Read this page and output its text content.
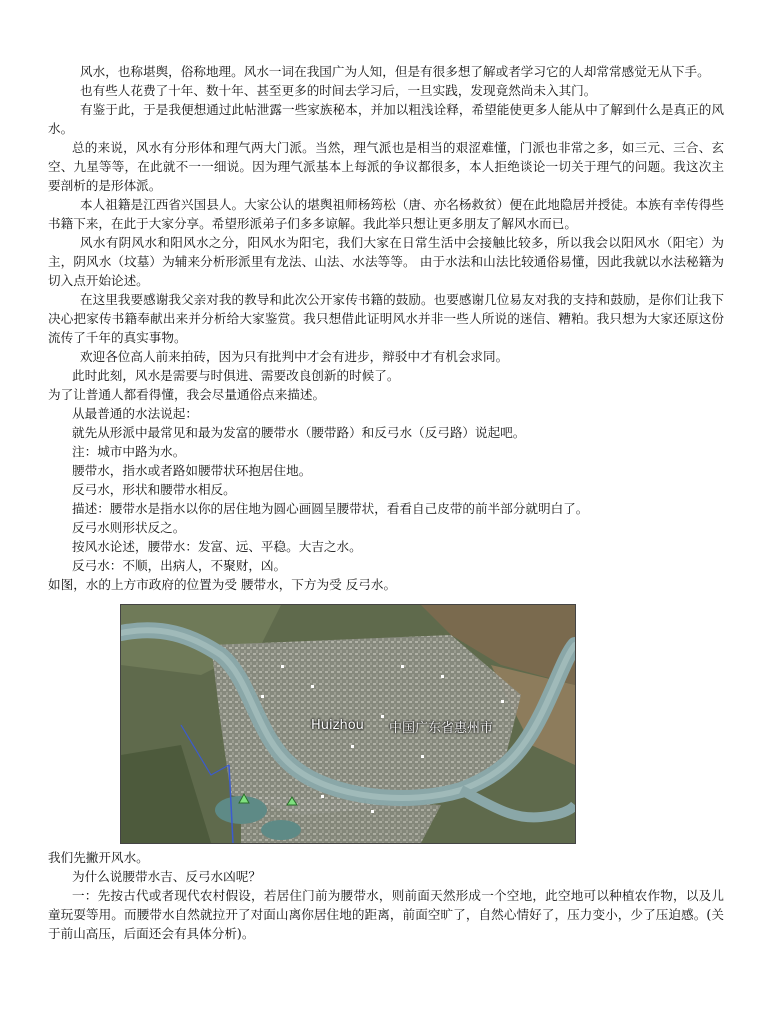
风水，也称堪舆，俗称地理。风水一词在我国广为人知，但是有很多想了解或者学习它的人却常常感觉无从下手。

也有些人花费了十年、数十年、甚至更多的时间去学习后，一旦实践，发现竟然尚未入其门。

有鉴于此，于是我便想通过此帖泄露一些家族秘本，并加以粗浅诠释，希望能使更多人能从中了解到什么是真正的风水。

总的来说，风水有分形体和理气两大门派。当然，理气派也是相当的艰涩难懂，门派也非常之多，如三元、三合、玄空、九星等等，在此就不一一细说。因为理气派基本上每派的争议都很多，本人拒绝谈论一切关于理气的问题。我这次主要剖析的是形体派。

本人祖籍是江西省兴国县人。大家公认的堪舆祖师杨筠松（唐、亦名杨救贫）便在此地隐居并授徒。本族有幸传得些书籍下来，在此于大家分享。希望形派弟子们多多谅解。我此举只想让更多朋友了解风水而已。

风水有阴风水和阳风水之分，阳风水为阳宅，我们大家在日常生活中会接触比较多，所以我会以阳风水（阳宅）为主，阴风水（坟墓）为辅来分析形派里有龙法、山法、水法等等。 由于水法和山法比较通俗易懂，因此我就以水法秘籍为切入点开始论述。

在这里我要感谢我父亲对我的教导和此次公开家传书籍的鼓励。也要感谢几位易友对我的支持和鼓励，是你们让我下决心把家传书籍奉献出来并分析给大家鉴赏。我只想借此证明风水并非一些人所说的迷信、糟粕。我只想为大家还原这份流传了千年的真实事物。

欢迎各位高人前来拍砖，因为只有批判中才会有进步，辩驳中才有机会求同。

此时此刻，风水是需要与时俱进、需要改良创新的时候了。

为了让普通人都看得懂，我会尽量通俗点来描述。

从最普通的水法说起：

就先从形派中最常见和最为发富的腰带水（腰带路）和反弓水（反弓路）说起吧。

注：城市中路为水。

腰带水，指水或者路如腰带状环抱居住地。

反弓水，形状和腰带水相反。

描述：腰带水是指水以你的居住地为圆心画圆呈腰带状，看看自己皮带的前半部分就明白了。

反弓水则形状反之。

按风水论述，腰带水：发富、远、平稳。大吉之水。

反弓水：不顺，出病人，不聚财，凶。

如图，水的上方市政府的位置为受 腰带水，下方为受 反弓水。

Huizhou 中国广东省惠州市

我们先撇开风水。

为什么说腰带水吉、反弓水凶呢？

一：先按古代或者现代农村假设，若居住门前为腰带水，则前面天然形成一个空地，此空地可以种植农作物，以及儿童玩耍等用。而腰带水自然就拉开了对面山离你居住地的距离，前面空旷了，自然心情好了，压力变小，少了压迫感。(关于前山高压，后面还会有具体分析)。
